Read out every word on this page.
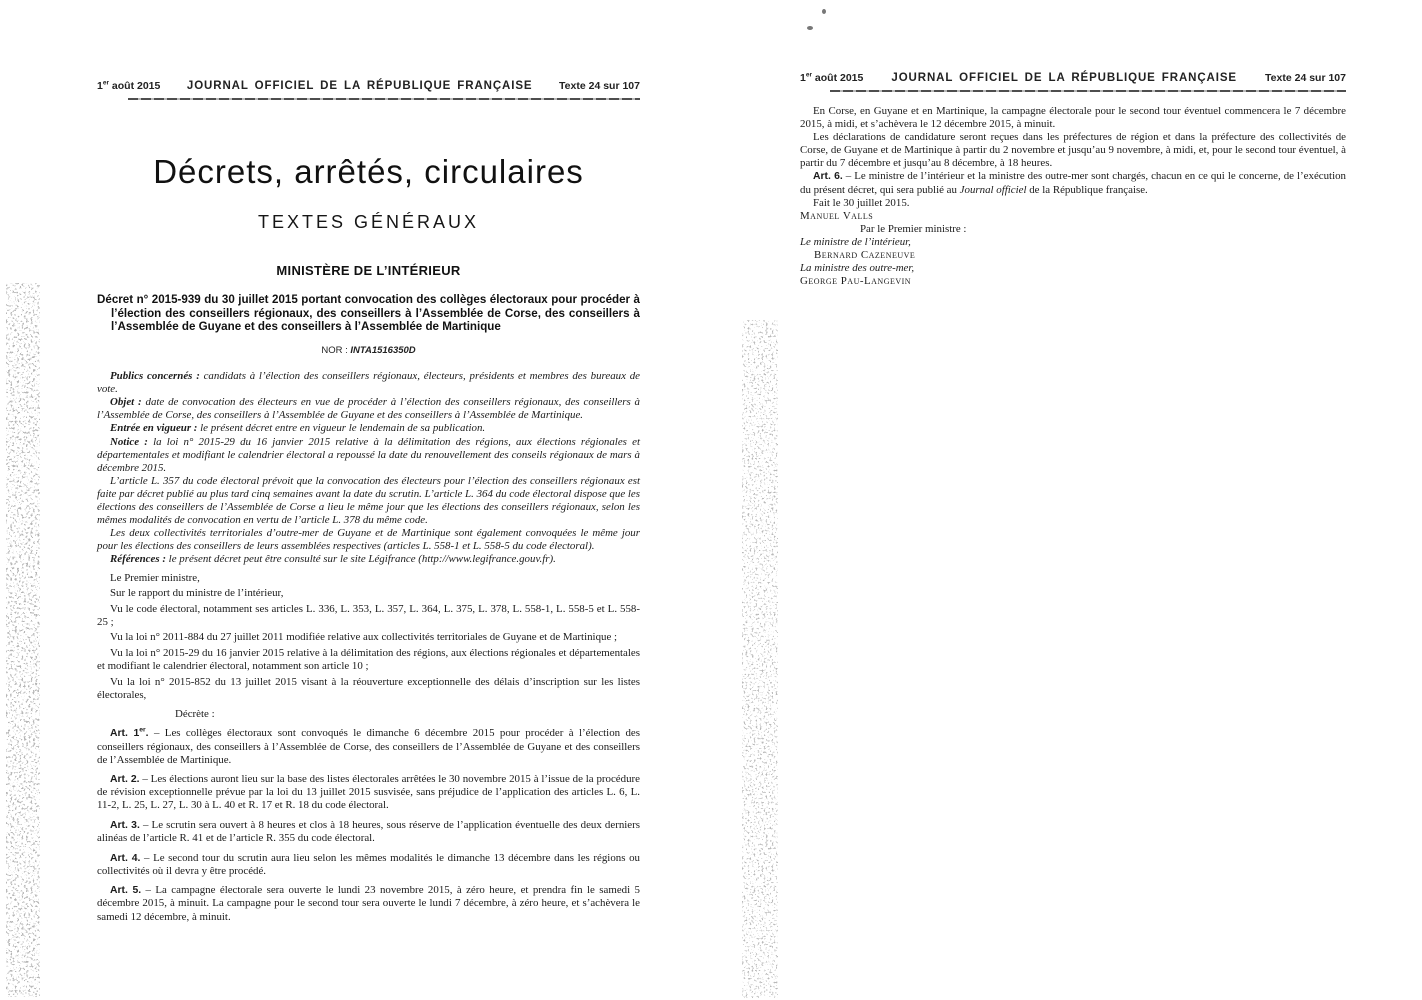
1er août 2015	JOURNAL OFFICIEL DE LA RÉPUBLIQUE FRANÇAISE	Texte 24 sur 107
Décrets, arrêtés, circulaires
TEXTES GÉNÉRAUX
MINISTÈRE DE L’INTÉRIEUR

Décret n° 2015-939 du 30 juillet 2015 portant convocation des collèges électoraux pour procéder à l’élection des conseillers régionaux, des conseillers à l’Assemblée de Corse, des conseillers à l’Assemblée de Guyane et des conseillers à l’Assemblée de Martinique

NOR : INTA1516350D

Publics concernés : candidats à l’élection des conseillers régionaux, électeurs, présidents et membres des bureaux de vote.

Objet : date de convocation des électeurs en vue de procéder à l’élection des conseillers régionaux, des conseillers à l’Assemblée de Corse, des conseillers à l’Assemblée de Guyane et des conseillers à l’Assemblée de Martinique.

Entrée en vigueur : le présent décret entre en vigueur le lendemain de sa publication.

Notice : la loi n° 2015-29 du 16 janvier 2015 relative à la délimitation des régions, aux élections régionales et départementales et modifiant le calendrier électoral a repoussé la date du renouvellement des conseils régionaux de mars à décembre 2015.

L’article L. 357 du code électoral prévoit que la convocation des électeurs pour l’élection des conseillers régionaux est faite par décret publié au plus tard cinq semaines avant la date du scrutin. L’article L. 364 du code électoral dispose que les élections des conseillers de l’Assemblée de Corse a lieu le même jour que les élections des conseillers régionaux, selon les mêmes modalités de convocation en vertu de l’article L. 378 du même code.

Les deux collectivités territoriales d’outre-mer de Guyane et de Martinique sont également convoquées le même jour pour les élections des conseillers de leurs assemblées respectives (articles L. 558-1 et L. 558-5 du code électoral).

Références : le présent décret peut être consulté sur le site Légifrance (http://www.legifrance.gouv.fr).

Le Premier ministre,

Sur le rapport du ministre de l’intérieur,

Vu le code électoral, notamment ses articles L. 336, L. 353, L. 357, L. 364, L. 375, L. 378, L. 558-1, L. 558-5 et L. 558-25 ;

Vu la loi n° 2011-884 du 27 juillet 2011 modifiée relative aux collectivités territoriales de Guyane et de Martinique ;

Vu la loi n° 2015-29 du 16 janvier 2015 relative à la délimitation des régions, aux élections régionales et départementales et modifiant le calendrier électoral, notamment son article 10 ;

Vu la loi n° 2015-852 du 13 juillet 2015 visant à la réouverture exceptionnelle des délais d’inscription sur les listes électorales,

Décrète :

Art. 1er. – Les collèges électoraux sont convoqués le dimanche 6 décembre 2015 pour procéder à l’élection des conseillers régionaux, des conseillers à l’Assemblée de Corse, des conseillers de l’Assemblée de Guyane et des conseillers de l’Assemblée de Martinique.

Art. 2. – Les élections auront lieu sur la base des listes électorales arrêtées le 30 novembre 2015 à l’issue de la procédure de révision exceptionnelle prévue par la loi du 13 juillet 2015 susvisée, sans préjudice de l’application des articles L. 6, L. 11-2, L. 25, L. 27, L. 30 à L. 40 et R. 17 et R. 18 du code électoral.

Art. 3. – Le scrutin sera ouvert à 8 heures et clos à 18 heures, sous réserve de l’application éventuelle des deux derniers alinéas de l’article R. 41 et de l’article R. 355 du code électoral.

Art. 4. – Le second tour du scrutin aura lieu selon les mêmes modalités le dimanche 13 décembre dans les régions ou collectivités où il devra y être procédé.

Art. 5. – La campagne électorale sera ouverte le lundi 23 novembre 2015, à zéro heure, et prendra fin le samedi 5 décembre 2015, à minuit. La campagne pour le second tour sera ouverte le lundi 7 décembre, à zéro heure, et s’achèvera le samedi 12 décembre, à minuit.

1er août 2015	JOURNAL OFFICIEL DE LA RÉPUBLIQUE FRANÇAISE	Texte 24 sur 107

En Corse, en Guyane et en Martinique, la campagne électorale pour le second tour éventuel commencera le 7 décembre 2015, à midi, et s’achèvera le 12 décembre 2015, à minuit.

Les déclarations de candidature seront reçues dans les préfectures de région et dans la préfecture des collectivités de Corse, de Guyane et de Martinique à partir du 2 novembre et jusqu’au 9 novembre, à midi, et, pour le second tour éventuel, à partir du 7 décembre et jusqu’au 8 décembre, à 18 heures.

Art. 6. – Le ministre de l’intérieur et la ministre des outre-mer sont chargés, chacun en ce qui le concerne, de l’exécution du présent décret, qui sera publié au Journal officiel de la République française.

Fait le 30 juillet 2015.

Manuel Valls

Par le Premier ministre :

Le ministre de l’intérieur,

Bernard Cazeneuve

La ministre des outre-mer,

George Pau-Langevin
